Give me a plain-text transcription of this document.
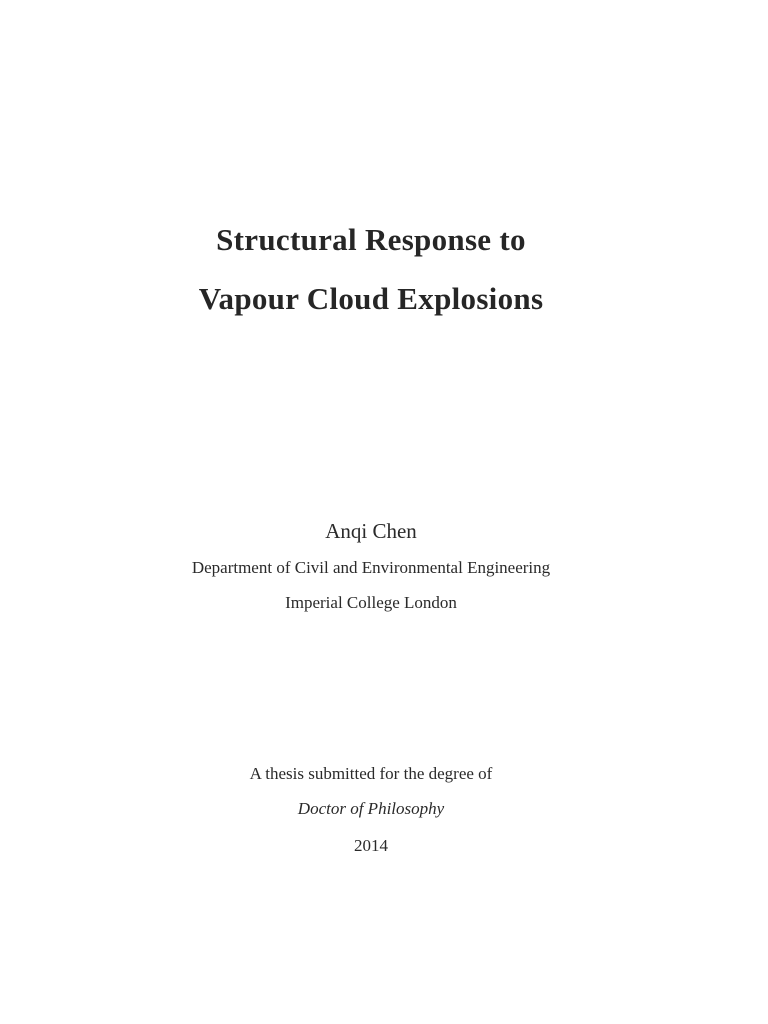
Structural Response to
Vapour Cloud Explosions
Anqi Chen
Department of Civil and Environmental Engineering
Imperial College London
A thesis submitted for the degree of
Doctor of Philosophy
2014
